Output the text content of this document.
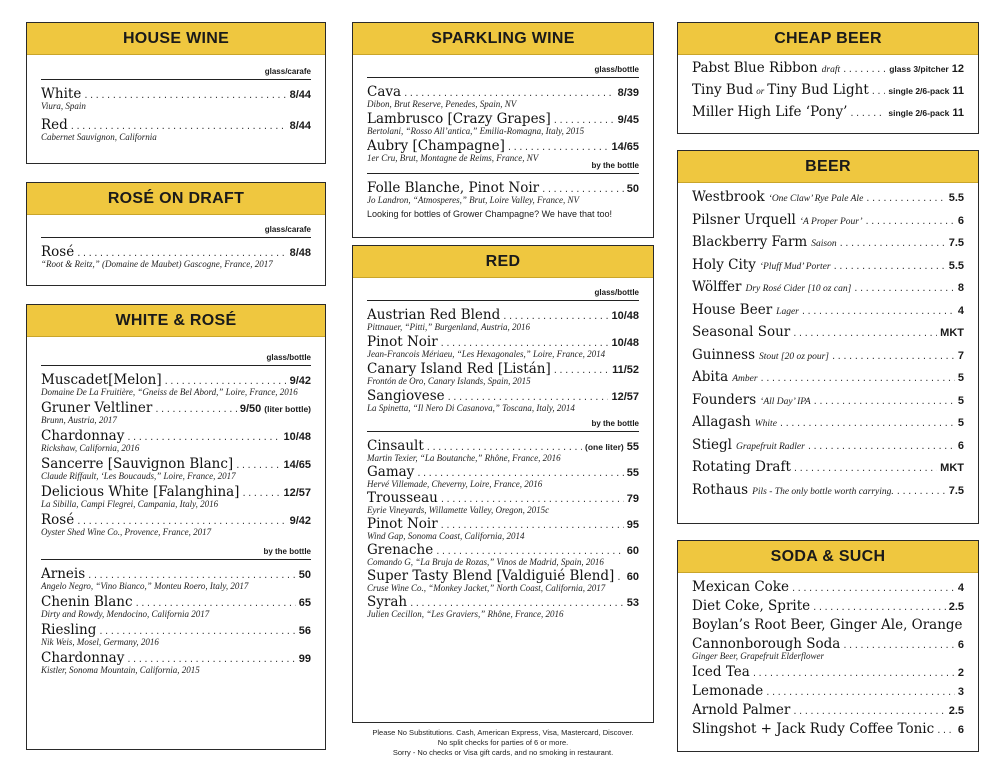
HOUSE WINE
glass/carafe
White .....	8/44
Viura, Spain
Red .....	8/44
Cabernet Sauvignon, California
ROSÉ ON DRAFT
glass/carafe
Rosé .....	8/48
“Root & Reitz,” (Domaine de Maubet) Gascogne, France, 2017
WHITE & ROSÉ
glass/bottle
Muscadet[Melon] .....	9/42
Domaine De La Fruitière, “Gneiss de Bel Abord,” Loire, France, 2016
Gruner Veltliner .....	9/50 (liter bottle)
Brunn, Austria, 2017
Chardonnay .....	10/48
Rickshaw, California, 2016
Sancerre [Sauvignon Blanc] .....	14/65
Claude Riffault, ‘Les Boucauds,” Loire, France, 2017
Delicious White [Falanghina] .....	12/57
La Sibilla, Campi Flegrei, Campania, Italy, 2016
Rosé .....	9/42
Oyster Shed Wine Co., Provence, France, 2017
by the bottle
Arneis .....	50
Angelo Negro, “Vino Bianco,” Monteu Roero, Italy, 2017
Chenin Blanc .....	65
Dirty and Rowdy, Mendocino, California 2017
Riesling .....	56
Nik Weis, Mosel, Germany, 2016
Chardonnay .....	99
Kistler, Sonoma Mountain, California, 2015
SPARKLING WINE
glass/bottle
Cava .....	8/39
Dibon, Brut Reserve, Penedes, Spain, NV
Lambrusco [Crazy Grapes] .....	9/45
Bertolani, “Rosso All’antica,” Emilia-Romagna, Italy, 2015
Aubry [Champagne] .....	14/65
1er Cru, Brut, Montagne de Reims, France, NV
by the bottle
Folle Blanche, Pinot Noir .....	50
Jo Landron, “Atmosperes,” Brut, Loire Valley, France, NV
Looking for bottles of Grower Champagne? We have that too!
RED
glass/bottle
Austrian Red Blend .....	10/48
Pittnauer, “Pitti,” Burgenland, Austria, 2016
Pinot Noir .....	10/48
Jean-Francois Mériaeu, “Les Hexagonales,” Loire, France, 2014
Canary Island Red [Listán] .....	11/52
Frontón de Oro, Canary Islands, Spain, 2015
Sangiovese .....	12/57
La Spinetta, “Il Nero Di Casanova,” Toscana, Italy, 2014
by the bottle
Cinsault .....	(one liter) 55
Martin Texier, “La Boutanche,” Rhône, France, 2016
Gamay .....	55
Hervé Villemade, Cheverny, Loire, France, 2016
Trousseau .....	79
Eyrie Vineyards, Willamette Valley, Oregon, 2015c
Pinot Noir .....	95
Wind Gap, Sonoma Coast, California, 2014
Grenache .....	60
Comando G, “La Bruja de Rozas,” Vinos de Madrid, Spain, 2016
Super Tasty Blend [Valdiguié Blend] ..... 60
Cruse Wine Co., “Monkey Jacket,” North Coast, California, 2017
Syrah .....	53
Julien Cecillon, “Les Graviers,” Rhône, France, 2016
Please No Substitutions. Cash, American Express, Visa, Mastercard, Discover.
No split checks for parties of 6 or more.
Sorry - No checks or Visa gift cards, and no smoking in restaurant.
CHEAP BEER
Pabst Blue Ribbon draft .....	glass 3/pitcher 12
Tiny Bud or Tiny Bud Light ..... single 2/6-pack 11
Miller High Life ‘Pony’ .....	single 2/6-pack 11
BEER
Westbrook ‘One Claw’ Rye Pale Ale .....	5.5
Pilsner Urquell ‘A Proper Pour’ .....	6
Blackberry Farm Saison .....	7.5
Holy City ‘Pluff Mud’ Porter .....	5.5
Wölffer Dry Rosé Cider [10 oz can] .....	8
House Beer Lager .....	4
Seasonal Sour .....	MKT
Guinness Stout [20 oz pour] .....	7
Abita Amber .....	5
Founders ‘All Day’ IPA .....	5
Allagash White .....	5
Stiegl Grapefruit Radler .....	6
Rotating Draft .....	MKT
Rothaus Pils - The only bottle worth carrying. .....	7.5
SODA & SUCH
Mexican Coke .....	4
Diet Coke, Sprite .....	2.5
Boylan’s Root Beer, Ginger Ale, Orange
Cannonborough Soda .....	6
Ginger Beer, Grapefruit Elderflower
Iced Tea .....	2
Lemonade .....	3
Arnold Palmer .....	2.5
Slingshot + Jack Rudy Coffee Tonic ..... 6
